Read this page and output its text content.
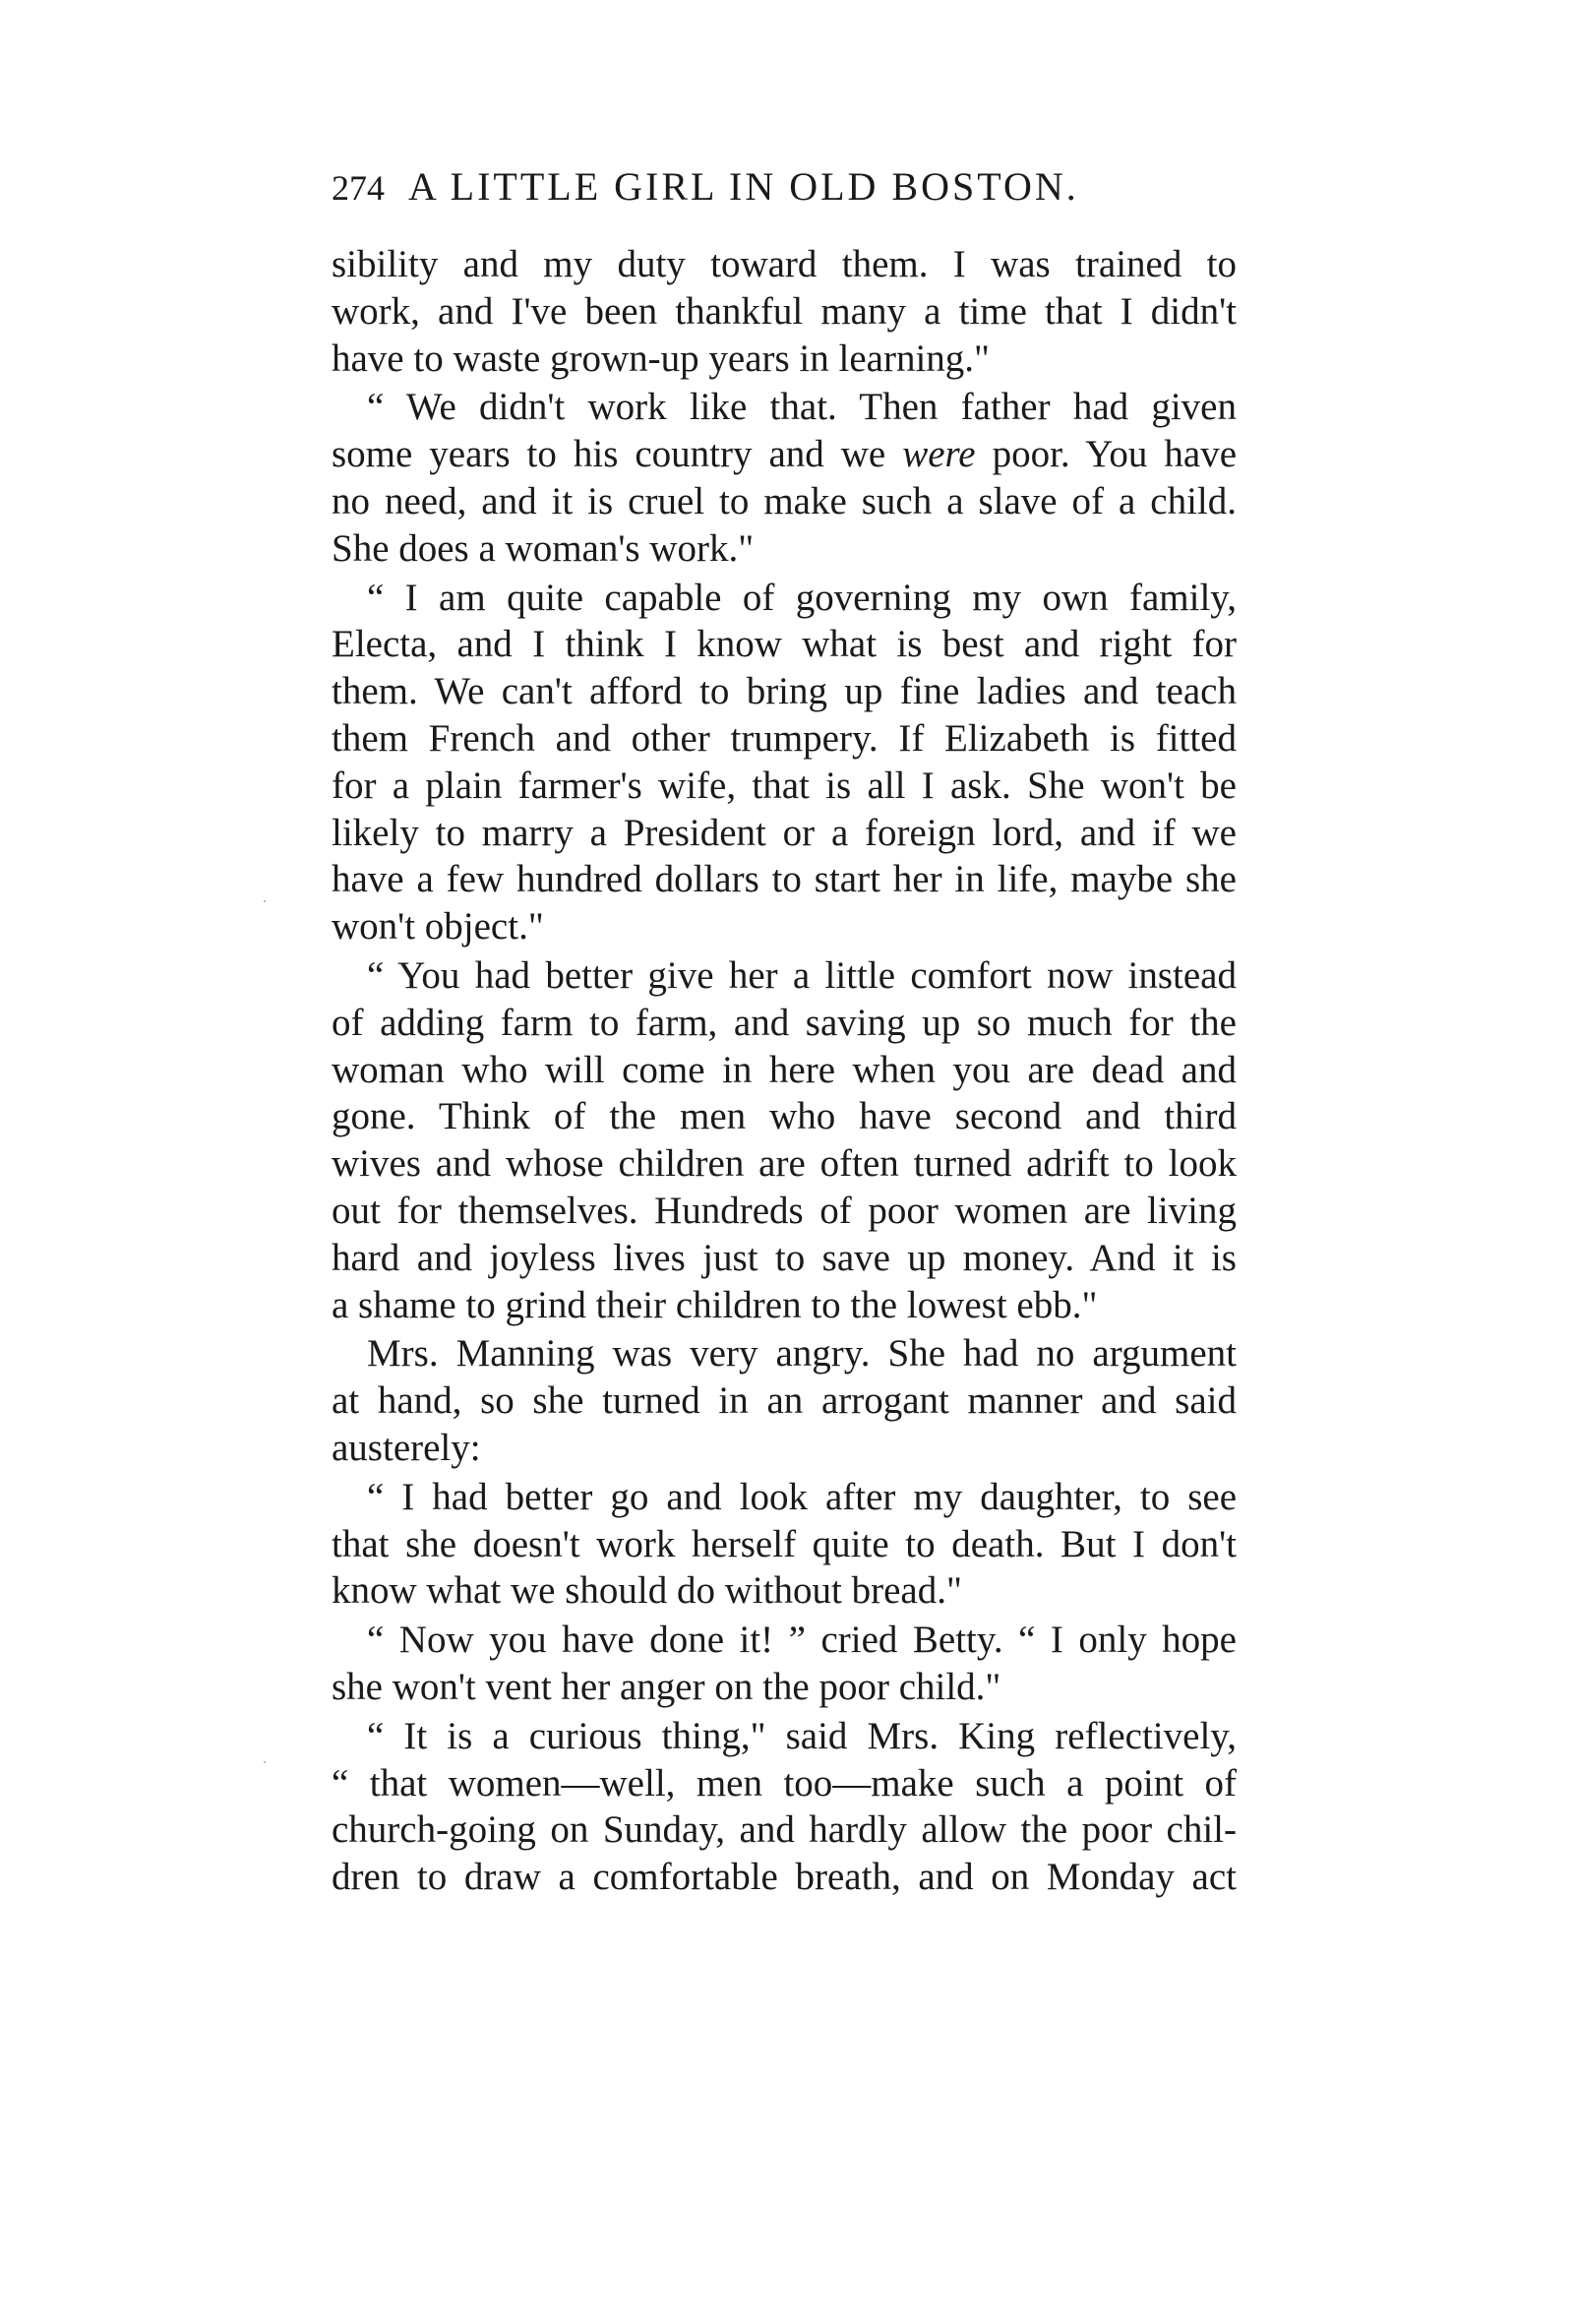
274 A LITTLE GIRL IN OLD BOSTON.
sibility and my duty toward them. I was trained to
work, and I've been thankful many a time that I didn't
have to waste grown-up years in learning."
“ We didn't work like that. Then father had given
some years to his country and we were poor. You have
no need, and it is cruel to make such a slave of a child.
She does a woman's work."
“ I am quite capable of governing my own family,
Electa, and I think I know what is best and right for
them. We can't afford to bring up fine ladies and teach
them French and other trumpery. If Elizabeth is fitted
for a plain farmer's wife, that is all I ask. She won't be
likely to marry a President or a foreign lord, and if we
have a few hundred dollars to start her in life, maybe she
won't object."
“ You had better give her a little comfort now instead
of adding farm to farm, and saving up so much for the
woman who will come in here when you are dead and
gone. Think of the men who have second and third
wives and whose children are often turned adrift to look
out for themselves. Hundreds of poor women are living
hard and joyless lives just to save up money. And it is
a shame to grind their children to the lowest ebb."
Mrs. Manning was very angry. She had no argument
at hand, so she turned in an arrogant manner and said
austerely:
“ I had better go and look after my daughter, to see
that she doesn't work herself quite to death. But I don't
know what we should do without bread."
“ Now you have done it! ” cried Betty. “ I only hope
she won't vent her anger on the poor child."
“ It is a curious thing," said Mrs. King reflectively,
“ that women—well, men too—make such a point of
church-going on Sunday, and hardly allow the poor chil-
dren to draw a comfortable breath, and on Monday act
